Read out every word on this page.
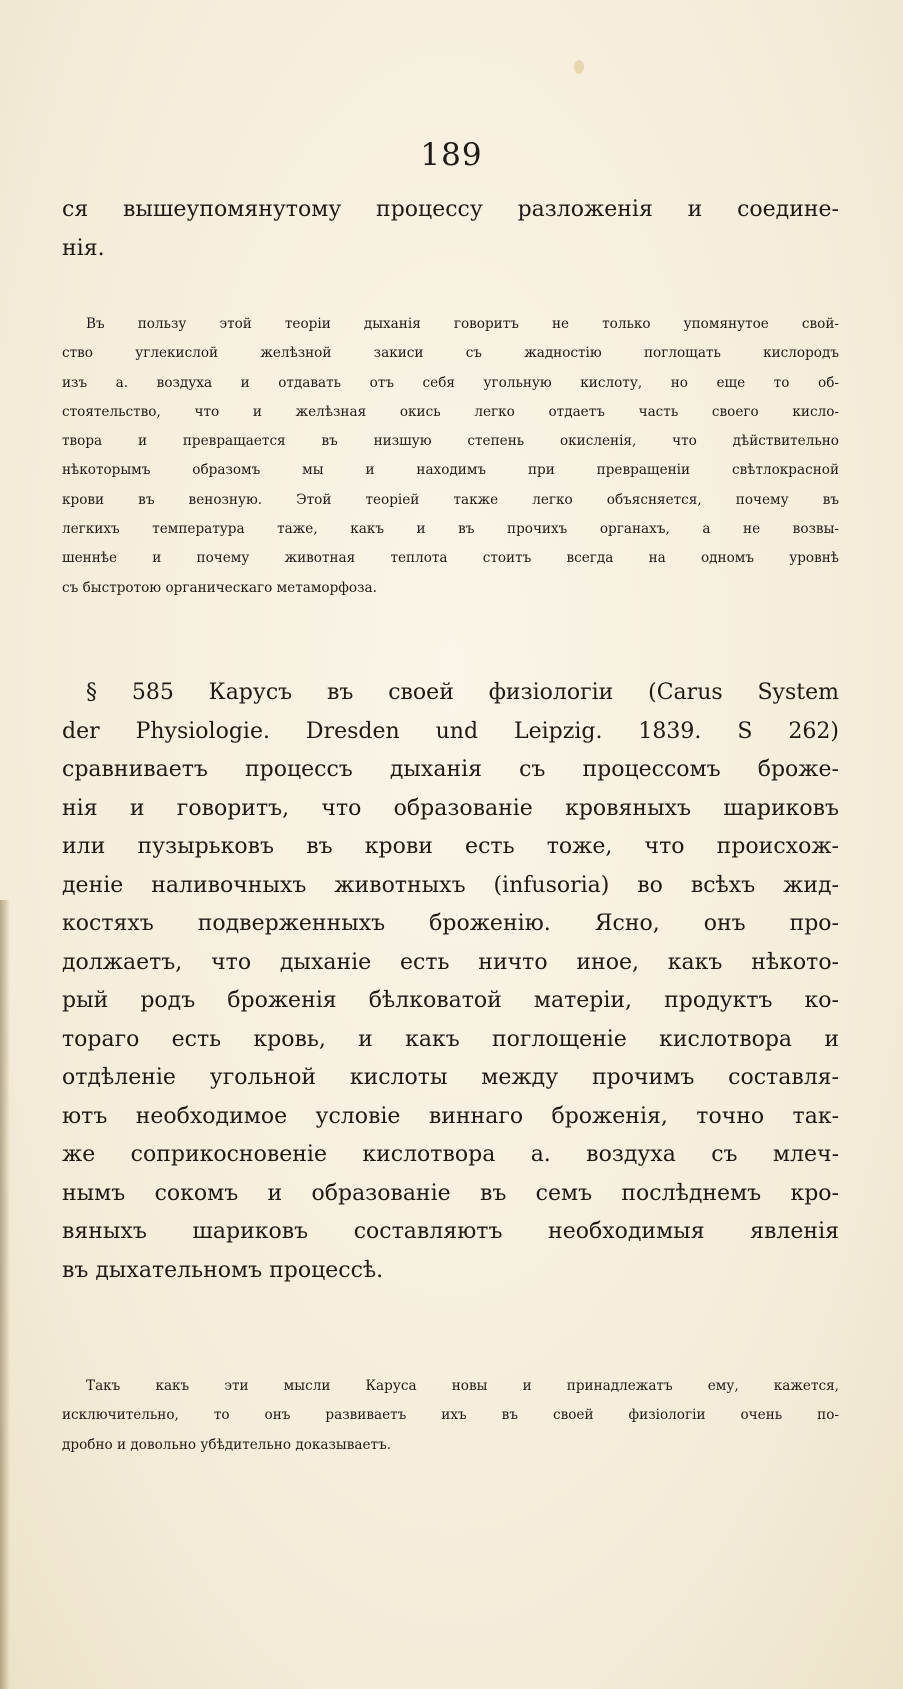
189
ся вышеупомянутому процессу разложенія и соедине-
нія.
Въ пользу этой теоріи дыханія говоритъ не только упомянутое свой-
ство углекислой желѣзной закиси съ жадностію поглощать кислородъ
изъ а. воздуха и отдавать отъ себя угольную кислоту, но еще то об-
стоятельство, что и желѣзная окись легко отдаетъ часть своего кисло-
твора и превращается въ низшую степень окисленія, что дѣйствительно
нѣкоторымъ образомъ мы и находимъ при превращеніи свѣтлокрасной
крови въ венозную. Этой теоріей также легко объясняется, почему въ
легкихъ температура таже, какъ и въ прочихъ органахъ, а не возвы-
шеннѣе и почему животная теплота стоитъ всегда на одномъ уровнѣ
съ быстротою органическаго метаморфоза.
§ 585 Карусъ въ своей физіологіи (Carus System
der Physiologie. Dresden und Leipzig. 1839. S 262)
сравниваетъ процессъ дыханія съ процессомъ броже-
нія и говоритъ, что образованіе кровяныхъ шариковъ
или пузырьковъ въ крови есть тоже, что происхож-
деніе наливочныхъ животныхъ (infusoria) во всѣхъ жид-
костяхъ подверженныхъ броженію. Ясно, онъ про-
должаетъ, что дыханіе есть ничто иное, какъ нѣкото-
рый родъ броженія бѣлковатой матеріи, продуктъ ко-
тораго есть кровь, и какъ поглощеніе кислотвора и
отдѣленіе угольной кислоты между прочимъ составля-
ютъ необходимое условіе виннаго броженія, точно так-
же соприкосновеніе кислотвора а. воздуха съ млеч-
нымъ сокомъ и образованіе въ семъ послѣднемъ кро-
вяныхъ шариковъ составляютъ необходимыя явленія
въ дыхательномъ процессѣ.
Такъ какъ эти мысли Каруса новы и принадлежатъ ему, кажется,
исключительно, то онъ развиваетъ ихъ въ своей физіологіи очень по-
дробно и довольно убѣдительно доказываетъ.
